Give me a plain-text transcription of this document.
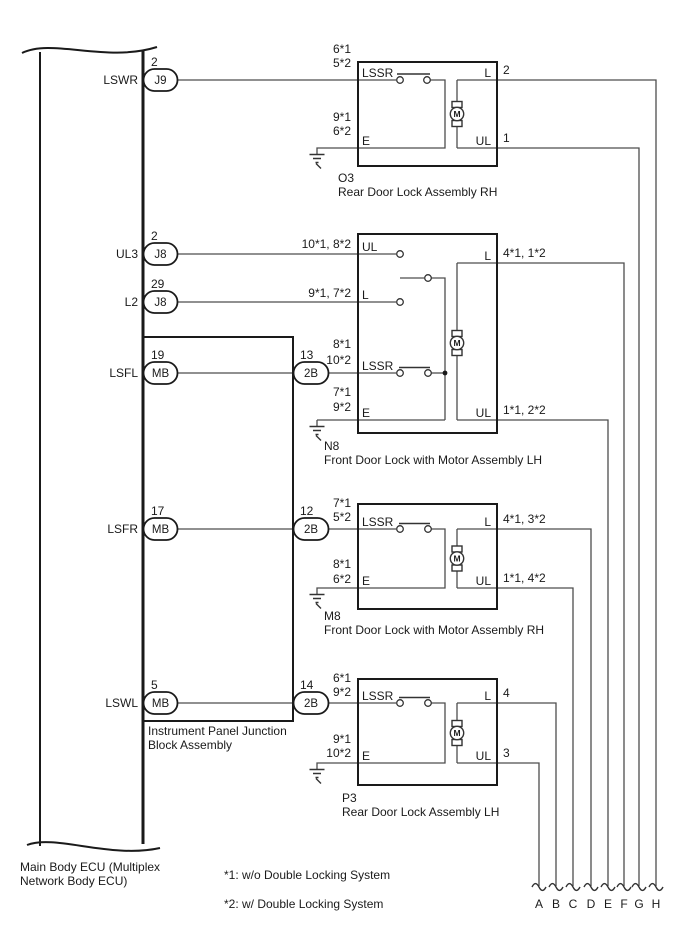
M
M
M
M
LSWR J9
2
UL3 J8
2
L2 J8
29
LSFL MB
19
LSFR MB
17
LSWL MB
5
2B
13
2B
12
2B
14
6*1
5*2
LSSR	L 2
9*1
6*2
E	UL 1
O3
Rear Door Lock Assembly RH
10*1, 8*2 UL
9*1, 7*2 L
8*1
10*2 LSSR
7*1
9*2 E
L 4*1, 1*2
UL 1*1, 2*2
N8
Front Door Lock with Motor Assembly LH
7*1
5*2 LSSR	L 4*1, 3*2
8*1
6*2 E	UL 1*1, 4*2
M8
Front Door Lock with Motor Assembly RH
6*1
9*2 LSSR	L 4
9*1
10*2 E	UL 3
P3
Rear Door Lock Assembly LH
Instrument Panel Junction
Block Assembly
Main Body ECU (Multiplex
Network Body ECU)	*1: w/o Double Locking System
*2: w/ Double Locking System	A B C D E F G H
